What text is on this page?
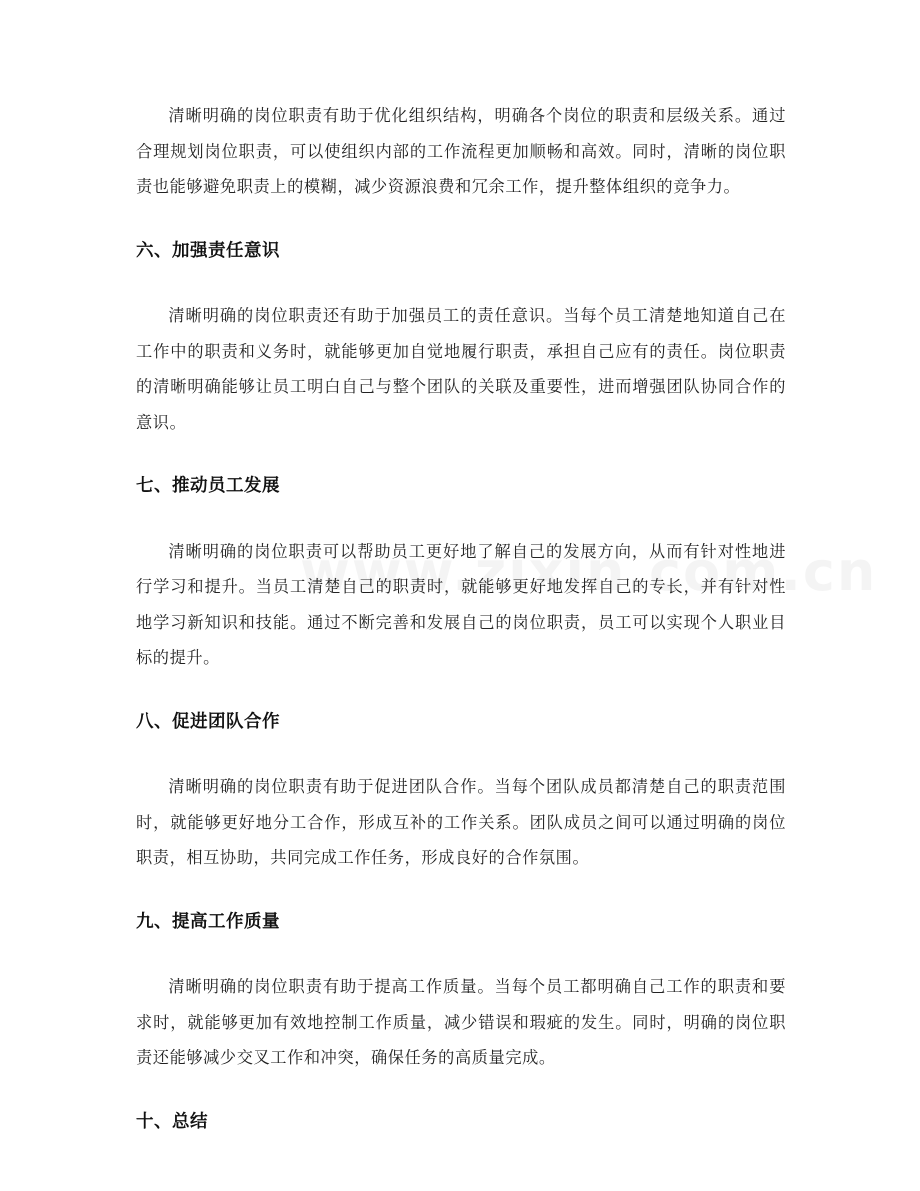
清晰明确的岗位职责有助于优化组织结构，明确各个岗位的职责和层级关系。通过合理规划岗位职责，可以使组织内部的工作流程更加顺畅和高效。同时，清晰的岗位职责也能够避免职责上的模糊，减少资源浪费和冗余工作，提升整体组织的竞争力。

六、加强责任意识

清晰明确的岗位职责还有助于加强员工的责任意识。当每个员工清楚地知道自己在工作中的职责和义务时，就能够更加自觉地履行职责，承担自己应有的责任。岗位职责的清晰明确能够让员工明白自己与整个团队的关联及重要性，进而增强团队协同合作的意识。

七、推动员工发展

清晰明确的岗位职责可以帮助员工更好地了解自己的发展方向，从而有针对性地进行学习和提升。当员工清楚自己的职责时，就能够更好地发挥自己的专长，并有针对性地学习新知识和技能。通过不断完善和发展自己的岗位职责，员工可以实现个人职业目标的提升。

八、促进团队合作

清晰明确的岗位职责有助于促进团队合作。当每个团队成员都清楚自己的职责范围时，就能够更好地分工合作，形成互补的工作关系。团队成员之间可以通过明确的岗位职责，相互协助，共同完成工作任务，形成良好的合作氛围。

九、提高工作质量

清晰明确的岗位职责有助于提高工作质量。当每个员工都明确自己工作的职责和要求时，就能够更加有效地控制工作质量，减少错误和瑕疵的发生。同时，明确的岗位职责还能够减少交叉工作和冲突，确保任务的高质量完成。

十、总结
